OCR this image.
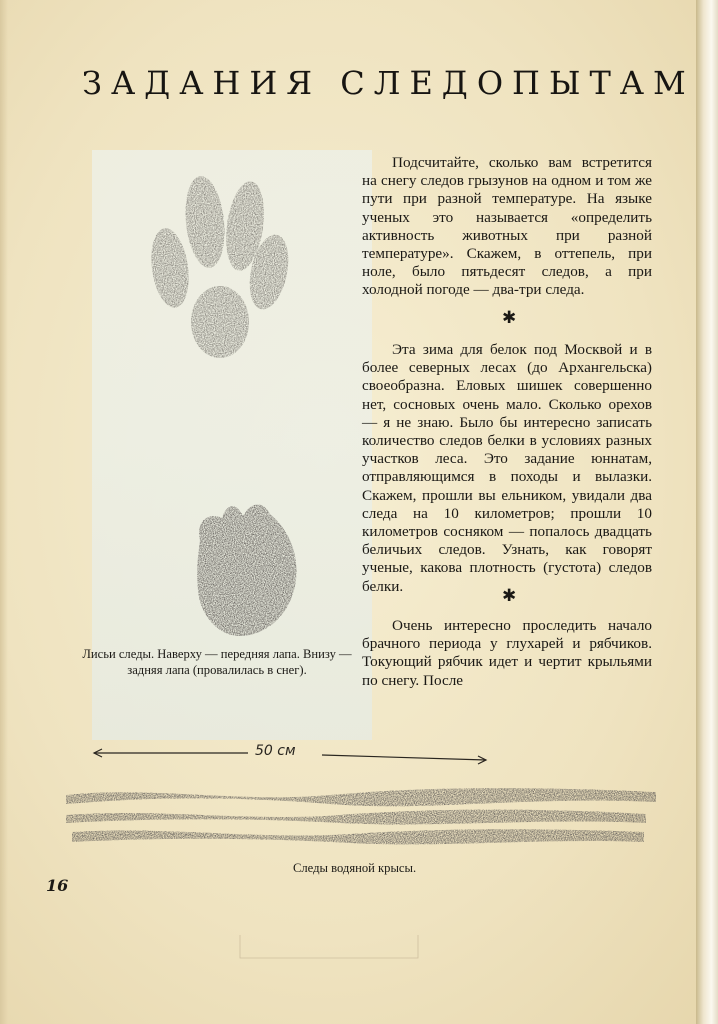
ЗАДАНИЯ СЛЕДОПЫТАМ

Подсчитайте, сколько вам встретится на снегу следов грызунов на одном и том же пути при разной температуре. На языке ученых это называется «определить активность животных при разной температуре». Скажем, в оттепель, при ноле, было пятьдесят следов, а при холодной погоде — два-три следа.

✱

Эта зима для белок под Москвой и в более северных лесах (до Архангельска) своеобразна. Еловых шишек совершенно нет, сосновых очень мало. Сколько орехов — я не знаю. Было бы интересно записать количество следов белки в условиях разных участков леса. Это задание юннатам, отправляющимся в походы и вылазки. Скажем, прошли вы ельником, увидали два следа на 10 километров; прошли 10 километров сосняком — попалось двадцать беличьих следов. Узнать, как говорят ученые, какова плотность (густота) следов белки.	✱

Очень интересно проследить начало брачного периода у глухарей и рябчиков. Токующий рябчик идет и чертит крыльями по снегу. После

Лисьи следы. Наверху — передняя лапа. Внизу — задняя лапа (провалилась в снег).
50 см
Следы водяной крысы.
16
